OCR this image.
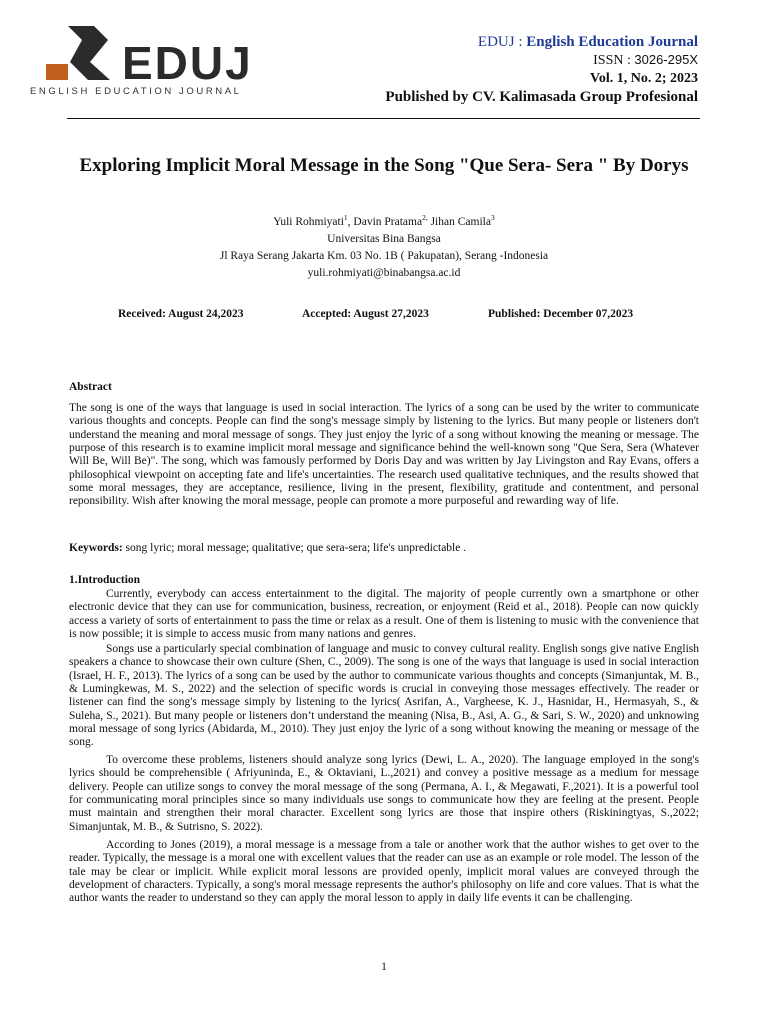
EDUJ
ENGLISH EDUCATION JOURNAL
EDUJ : English Education Journal
ISSN : 3026-295X
Vol. 1, No. 2; 2023
Published by CV. Kalimasada Group Profesional
Exploring Implicit Moral Message in the Song "Que Sera- Sera " By Dorys
Yuli Rohmiyati$^1$, Davin Pratama$^{2,}$ Jihan Camila$^3$
Universitas Bina Bangsa
Jl Raya Serang Jakarta Km. 03 No. 1B ( Pakupatan), Serang -Indonesia
yuli.rohmiyati@binabangsa.ac.id
Received: August 24,2023	Accepted: August 27,2023	Published: December 07,2023
Abstract
The song is one of the ways that language is used in social interaction. The lyrics of a song can be used by the writer to communicate various thoughts and concepts. People can find the song's message simply by listening to the lyrics. But many people or listeners don't understand the meaning and moral message of songs. They just enjoy the lyric of a song without knowing the meaning or message. The purpose of this research is to examine implicit moral message and significance behind the well-known song "Que Sera, Sera (Whatever Will Be, Will Be)". The song, which was famously performed by Doris Day and was written by Jay Livingston and Ray Evans, offers a philosophical viewpoint on accepting fate and life's uncertainties. The research used qualitative techniques, and the results showed that some moral messages, they are acceptance, resilience, living in the present, flexibility, gratitude and contentment, and personal reponsibility. Wish after knowing the moral message, people can promote a more purposeful and rewarding way of life.
Keywords: song lyric; moral message; qualitative; que sera-sera; life's unpredictable .
1.Introduction
Currently, everybody can access entertainment to the digital. The majority of people currently own a smartphone or other electronic device that they can use for communication, business, recreation, or enjoyment (Reid et al., 2018). People can now quickly access a variety of sorts of entertainment to pass the time or relax as a result. One of them is listening to music with the convenience that is now possible; it is simple to access music from many nations and genres.
Songs use a particularly special combination of language and music to convey cultural reality. English songs give native English speakers a chance to showcase their own culture (Shen, C., 2009). The song is one of the ways that language is used in social interaction (Israel, H. F., 2013). The lyrics of a song can be used by the author to communicate various thoughts and concepts (Simanjuntak, M. B., & Lumingkewas, M. S., 2022) and the selection of specific words is crucial in conveying those messages effectively. The reader or listener can find the song's message simply by listening to the lyrics( Asrifan, A., Vargheese, K. J., Hasnidar, H., Hermasyah, S., & Suleha, S., 2021). But many people or listeners don’t understand the meaning (Nisa, B., Asi, A. G., & Sari, S. W., 2020) and unknowing moral message of song lyrics (Abidarda, M., 2010). They just enjoy the lyric of a song without knowing the meaning or message of the song.
To overcome these problems, listeners should analyze song lyrics (Dewi, L. A., 2020). The language employed in the song's lyrics should be comprehensible ( Afriyuninda, E., & Oktaviani, L.,2021) and convey a positive message as a medium for message delivery. People can utilize songs to convey the moral message of the song (Permana, A. I., & Megawati, F.,2021). It is a powerful tool for communicating moral principles since so many individuals use songs to communicate how they are feeling at the present. People must maintain and strengthen their moral character. Excellent song lyrics are those that inspire others (Riskiningtyas, S.,2022; Simanjuntak, M. B., & Sutrisno, S. 2022).
According to Jones (2019), a moral message is a message from a tale or another work that the author wishes to get over to the reader. Typically, the message is a moral one with excellent values that the reader can use as an example or role model. The lesson of the tale may be clear or implicit. While explicit moral lessons are provided openly, implicit moral values are conveyed through the development of characters. Typically, a song's moral message represents the author's philosophy on life and core values. That is what the author wants the reader to understand so they can apply the moral lesson to apply in daily life events it can be challenging.
1
